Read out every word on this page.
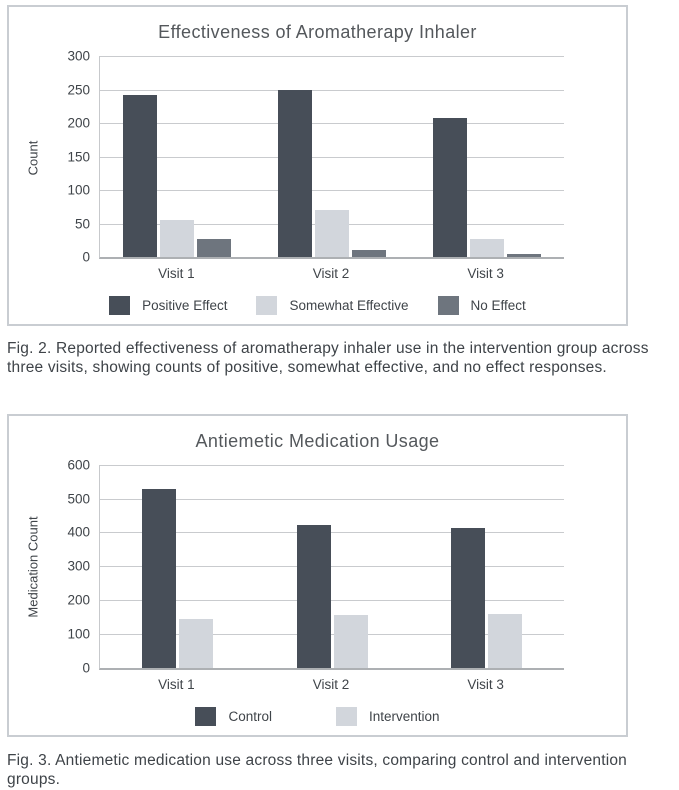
Effectiveness of Aromatherapy Inhaler
Count
0
50
100
150
200
250
300
Visit 1	Visit 2	Visit 3
Positive Effect	Somewhat Effective	No Effect

Fig. 2. Reported effectiveness of aromatherapy inhaler use in the intervention group across three visits, showing counts of positive, somewhat effective, and no effect responses.

Antiemetic Medication Usage
Medication Count
0
100
200
300
400
500
600
Visit 1	Visit 2	Visit 3
Control	Intervention

Fig. 3. Antiemetic medication use across three visits, comparing control and intervention groups.
